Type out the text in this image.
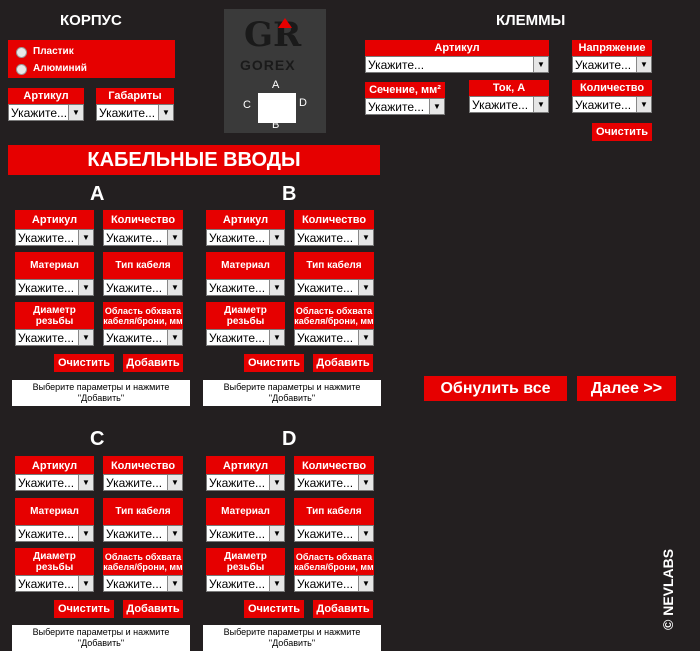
КОРПУС
Пластик
Алюминий
Артикул
Укажите... ▼
Габариты
Укажите... ▼
GR
GOREX
A
C	D
B
КЛЕММЫ
Артикул
Укажите...	▼
Напряжение
Укажите...	▼
Сечение, мм²
Укажите...	▼
Ток, А
Укажите...	▼
Количество
Укажите...	▼
Очистить
КАБЕЛЬНЫЕ ВВОДЫ
A
Артикул
Укажите... ▼
Количество
Укажите...	▼
Материал
Укажите... ▼
Тип кабеля
Укажите...	▼
Диаметр резьбы
Укажите... ▼
Область обхвата кабеля/брони, мм
Укажите...	▼
Очистить	Добавить
Выберите параметры и нажмите "Добавить"
B
Артикул
Укажите... ▼
Количество
Укажите...	▼
Материал
Укажите... ▼
Тип кабеля
Укажите...	▼
Диаметр резьбы
Укажите... ▼
Область обхвата кабеля/брони, мм
Укажите...	▼
Очистить	Добавить
Выберите параметры и нажмите "Добавить"
C
Артикул
Укажите... ▼
Количество
Укажите...	▼
Материал
Укажите... ▼
Тип кабеля
Укажите...	▼
Диаметр резьбы
Укажите... ▼
Область обхвата кабеля/брони, мм
Укажите...	▼
Очистить	Добавить
Выберите параметры и нажмите "Добавить"
D
Артикул
Укажите... ▼
Количество
Укажите...	▼
Материал
Укажите... ▼
Тип кабеля
Укажите...	▼
Диаметр резьбы
Укажите... ▼
Область обхвата кабеля/брони, мм
Укажите...	▼
Очистить	Добавить
Выберите параметры и нажмите "Добавить"
Обнулить все	Далее >>
© NEVLABS
